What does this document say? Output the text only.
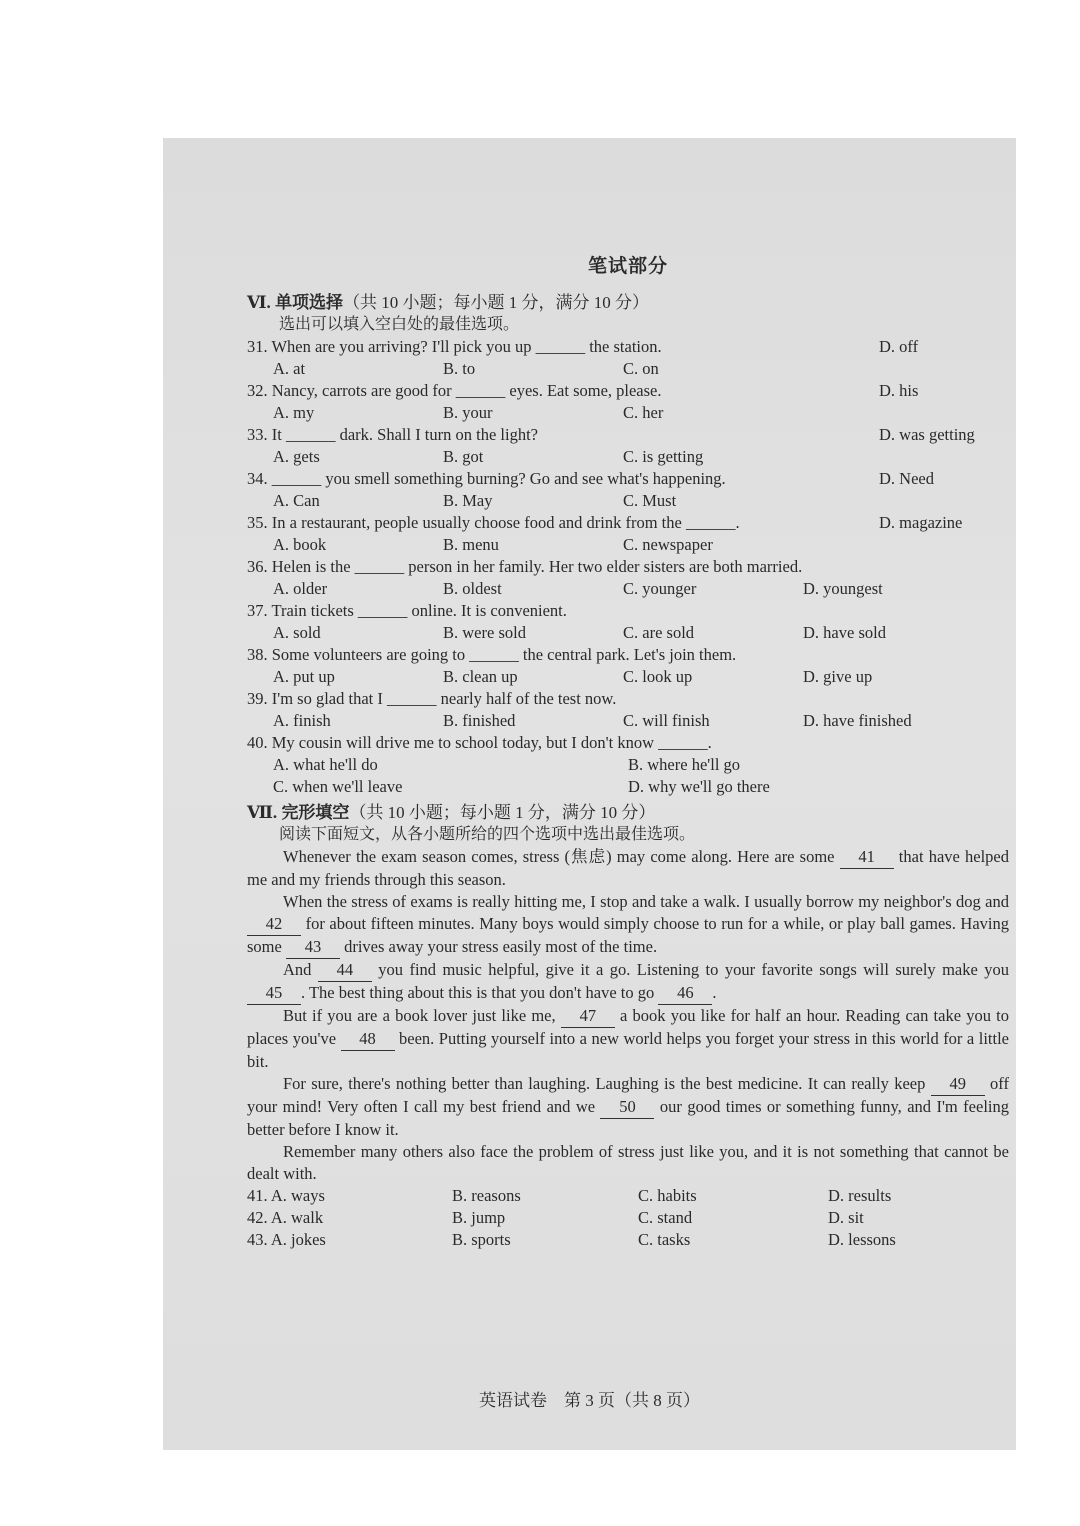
笔试部分
Ⅵ. 单项选择（共 10 小题；每小题 1 分，满分 10 分）
选出可以填入空白处的最佳选项。
31. When are you arriving? I'll pick you up ______ the station.	D. off
A. at	B. to	C. on
32. Nancy, carrots are good for ______ eyes. Eat some, please.	D. his
A. my	B. your	C. her
33. It ______ dark. Shall I turn on the light?	D. was getting
A. gets	B. got	C. is getting
34. ______ you smell something burning? Go and see what's happening.	D. Need
A. Can	B. May	C. Must
35. In a restaurant, people usually choose food and drink from the ______.	D. magazine
A. book	B. menu	C. newspaper
36. Helen is the ______ person in her family. Her two elder sisters are both married.
A. older	B. oldest	C. younger	D. youngest
37. Train tickets ______ online. It is convenient.
A. sold	B. were sold	C. are sold	D. have sold
38. Some volunteers are going to ______ the central park. Let's join them.
A. put up	B. clean up	C. look up	D. give up
39. I'm so glad that I ______ nearly half of the test now.
A. finish	B. finished	C. will finish	D. have finished
40. My cousin will drive me to school today, but I don't know ______.
A. what he'll do	B. where he'll go
C. when we'll leave	D. why we'll go there
Ⅶ. 完形填空（共 10 小题；每小题 1 分，满分 10 分）
阅读下面短文，从各小题所给的四个选项中选出最佳选项。
Whenever the exam season comes, stress (焦虑) may come along. Here are some 41 that have helped me and my friends through this season.
When the stress of exams is really hitting me, I stop and take a walk. I usually borrow my neighbor's dog and 42 for about fifteen minutes. Many boys would simply choose to run for a while, or play ball games. Having some 43 drives away your stress easily most of the time.
And 44 you find music helpful, give it a go. Listening to your favorite songs will surely make you 45 . The best thing about this is that you don't have to go 46 .
But if you are a book lover just like me, 47 a book you like for half an hour. Reading can take you to places you've 48 been. Putting yourself into a new world helps you forget your stress in this world for a little bit.
For sure, there's nothing better than laughing. Laughing is the best medicine. It can really keep 49 off your mind! Very often I call my best friend and we 50 our good times or something funny, and I'm feeling better before I know it.
Remember many others also face the problem of stress just like you, and it is not something that cannot be dealt with.
41. A. ways	B. reasons	C. habits	D. results
42. A. walk	B. jump	C. stand	D. sit
43. A. jokes	B. sports	C. tasks	D. lessons
英语试卷　第 3 页（共 8 页）
